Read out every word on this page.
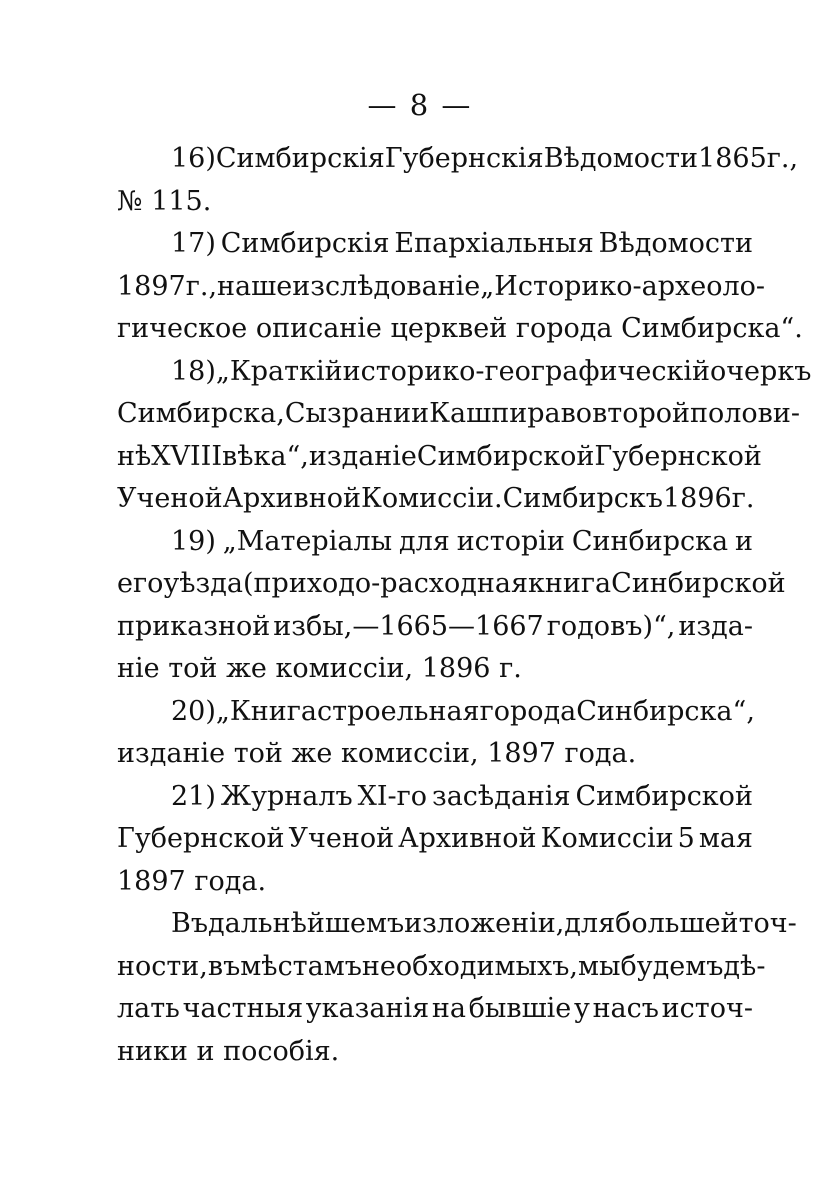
— 8 —
16) Симбирскія Губернскія Вѣдомости 1865 г.,
№ 115.
17) Симбирскія Епархіальныя Вѣдомости
1897 г., наше изслѣдованіе „Историко-археоло-
гическое описаніе церквей города Симбирска“.
18) „Краткій историко-географическій очеркъ
Симбирска, Сызрани и Кашпира во второй полови-
нѣ XVIII вѣка“, изданіе Симбирской Губернской
Ученой Архивной Комиссіи. Симбирскъ 1896 г.
19) „Матеріалы для исторіи Синбирска и
его уѣзда (приходо-расходная книга Синбирской
приказной избы,—1665—1667 годовъ)“, изда-
ніе той же комиссіи, 1896 г.
20) „Книга строельная города Синбирска“,
изданіе той же комиссіи, 1897 года.
21) Журналъ XI-го засѣданія Симбирской
Губернской Ученой Архивной Комиссіи 5 мая
1897 года.
Въ дальнѣйшемъ изложеніи, для большей точ-
ности, въ мѣстамъ необходимыхъ, мы будемъ дѣ-
лать частныя указанія на бывшіе у насъ источ-
ники и пособія.
